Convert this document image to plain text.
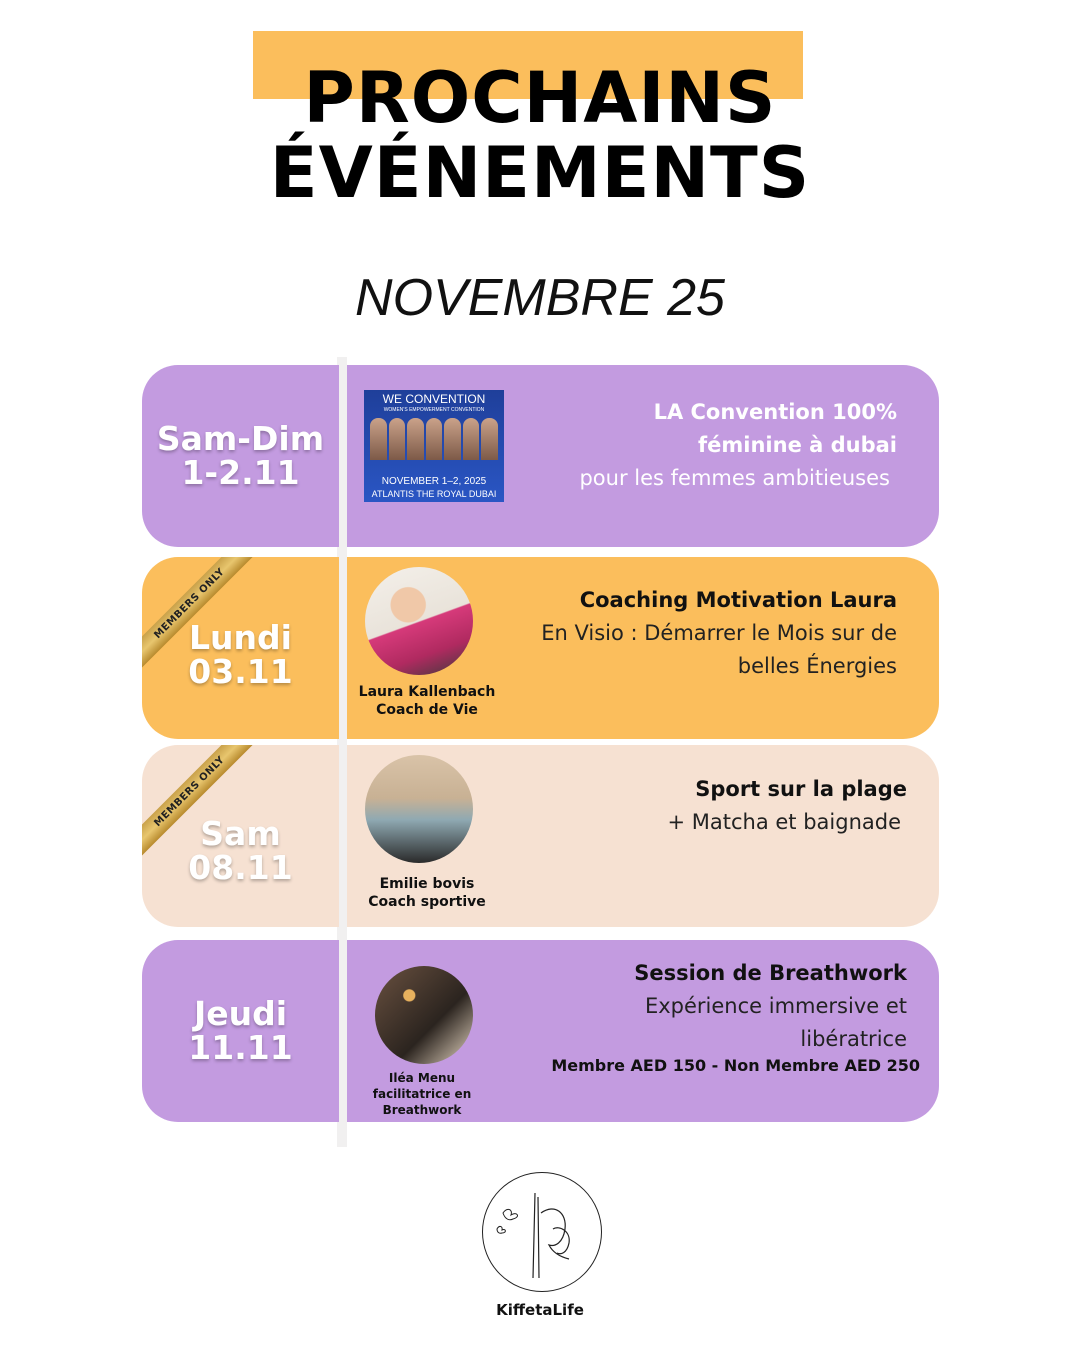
PROCHAINS
ÉVÉNEMENTS
NOVEMBRE 25
Sam-Dim
1-2.11
WE CONVENTION
WOMEN'S EMPOWERMENT CONVENTION
NOVEMBER 1–2, 2025
ATLANTIS THE ROYAL DUBAI
LA Convention 100%
féminine à dubai
pour les femmes ambitieuses
MEMBERS ONLY
Lundi
03.11
Laura Kallenbach
Coach de Vie
Coaching Motivation Laura
En Visio : Démarrer le Mois sur de
belles Énergies
MEMBERS ONLY
Sam
08.11	Emilie bovis
Coach sportive
Sport sur la plage
+ Matcha et baignade
Jeudi
11.11
Iléa Menu
facilitatrice en
Breathwork
Session de Breathwork
Expérience immersive et
libératrice
Membre AED 150 - Non Membre AED 250
KiffetaLife
